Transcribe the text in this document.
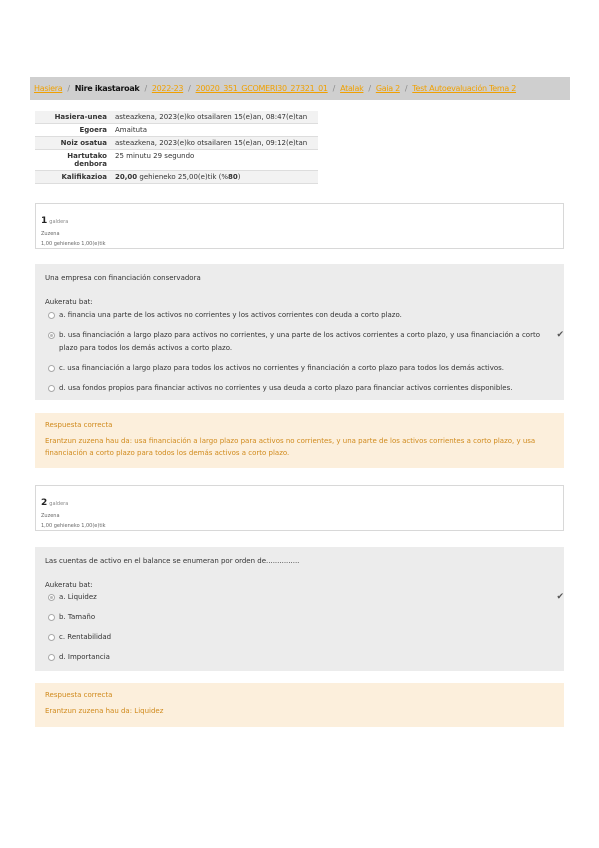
Hasiera / Nire ikastaroak / 2022-23 / 20020_351_GCOMERI30_27321_01 / Atalak / Gaia 2 / Test Autoevaluación Tema 2
Hasiera-unea	asteazkena, 2023(e)ko otsailaren 15(e)an, 08:47(e)tan
Egoera	Amaituta
Noiz osatua	asteazkena, 2023(e)ko otsailaren 15(e)an, 09:12(e)tan
Hartutako denbora	25 minutu 29 segundo
Kalifikazioa	20,00 gehieneko 25,00(e)tik (%80)
1 galdera
Zuzena
1,00 gehieneko 1,00(e)tik
Una empresa con financiación conservadora
Aukeratu bat:
a. financia una parte de los activos no corrientes y los activos corrientes con deuda a corto plazo.
b. usa financiación a largo plazo para activos no corrientes, y una parte de los activos corrientes a corto plazo, y usa financiación a corto plazo para todos los demás activos a corto plazo.
✔
c. usa financiación a largo plazo para todos los activos no corrientes y financiación a corto plazo para todos los demás activos.
d. usa fondos propios para financiar activos no corrientes y usa deuda a corto plazo para financiar activos corrientes disponibles.
Respuesta correcta
Erantzun zuzena hau da: usa financiación a largo plazo para activos no corrientes, y una parte de los activos corrientes a corto plazo, y usa financiación a corto plazo para todos los demás activos a corto plazo.
2 galdera
Zuzena
1,00 gehieneko 1,00(e)tik
Las cuentas de activo en el balance se enumeran por orden de...............
Aukeratu bat:
a. Liquidez	✔
b. Tamaño
c. Rentabilidad
d. Importancia
Respuesta correcta
Erantzun zuzena hau da: Liquidez
